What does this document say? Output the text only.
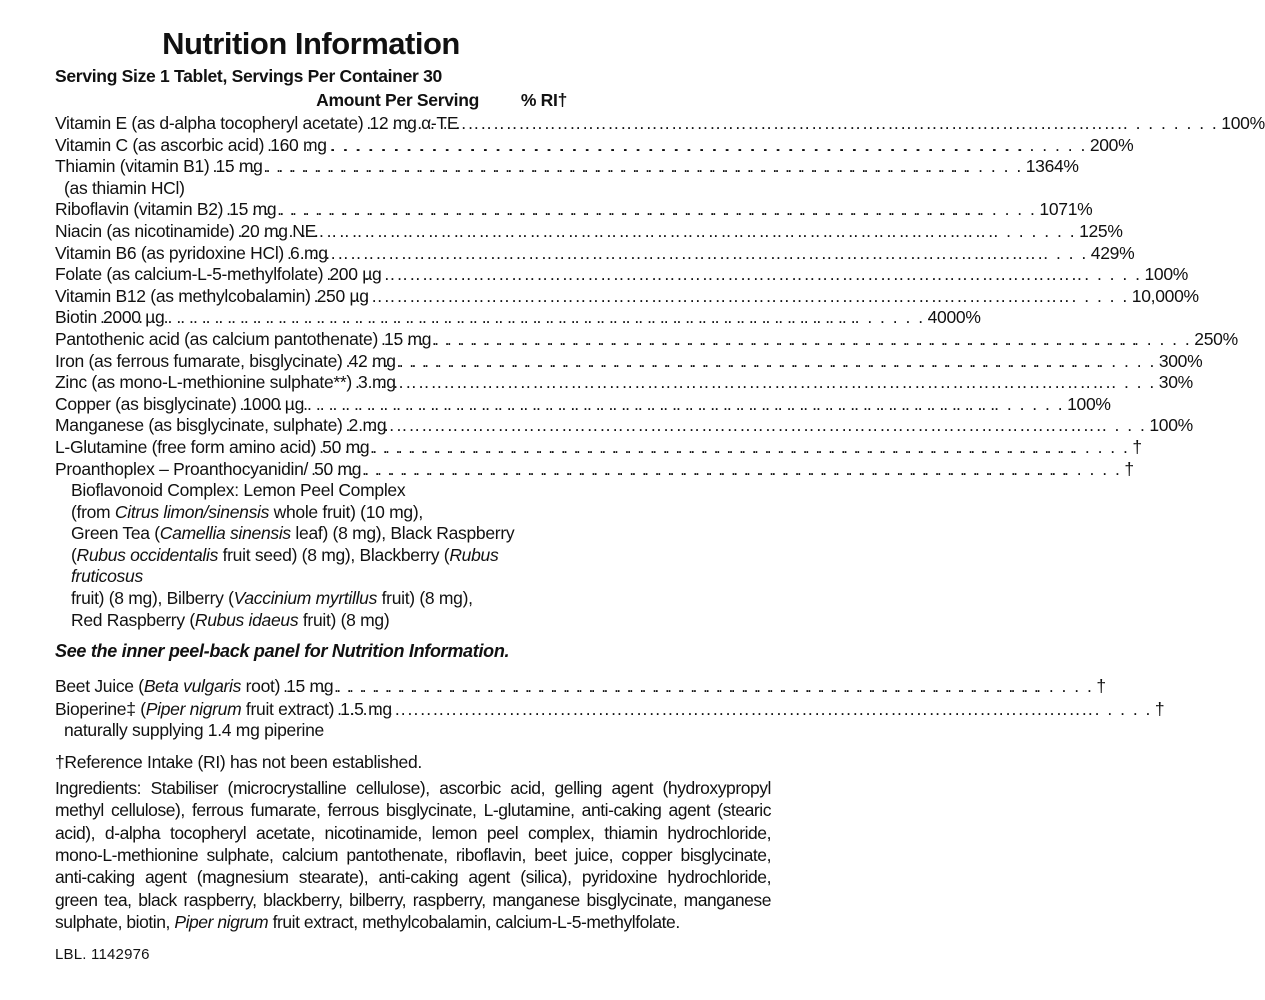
Nutrition Information
Serving Size 1 Tablet, Servings Per Container 30
Amount Per Serving	% RI†
Vitamin E (as d-alpha tocopheryl acetate) . . . 12 mg α-TE . . .	100%
Vitamin C (as ascorbic acid) . . . 160 mg . . .	200%
Thiamin (vitamin B1) . . . 15 mg . . .	1364%
(as thiamin HCl)
Riboflavin (vitamin B2) . . . 15 mg . . .	1071%
Niacin (as nicotinamide) . . . 20 mg NE . . .	125%
Vitamin B6 (as pyridoxine HCl) . . . 6 mg . . .	429%
Folate (as calcium-L-5-methylfolate) . . . 200 µg . . .	100%
Vitamin B12 (as methylcobalamin) . . . 250 µg . . .	10,000%
Biotin . . . 2000 µg . . .	4000%
Pantothenic acid (as calcium pantothenate) . . . 15 mg . . .	250%
Iron (as ferrous fumarate, bisglycinate) . . . 42 mg . . .	300%
Zinc (as mono-L-methionine sulphate**) . . . 3 mg . . .	30%
Copper (as bisglycinate) . . . 1000 µg . . .	100%
Manganese (as bisglycinate, sulphate) . . . 2 mg . . .	100%
L-Glutamine (free form amino acid) . . . 50 mg . . .	†
Proanthoplex – Proanthocyanidin/ . . . 50 mg . . .	†
Bioflavonoid Complex: Lemon Peel Complex
(from Citrus limon/sinensis whole fruit) (10 mg),
Green Tea (Camellia sinensis leaf) (8 mg), Black Raspberry
(Rubus occidentalis fruit seed) (8 mg), Blackberry (Rubus fruticosus
fruit) (8 mg), Bilberry (Vaccinium myrtillus fruit) (8 mg),
Red Raspberry (Rubus idaeus fruit) (8 mg)
See the inner peel-back panel for Nutrition Information.
Beet Juice (Beta vulgaris root) . . . 15 mg . . .	†
Bioperine‡ (Piper nigrum fruit extract) . . . 1.5 mg . . .	†
naturally supplying 1.4 mg piperine
†Reference Intake (RI) has not been established.

Ingredients: Stabiliser (microcrystalline cellulose), ascorbic acid, gelling agent (hydroxypropyl methyl cellulose), ferrous fumarate, ferrous bisglycinate, L-glutamine, anti-caking agent (stearic acid), d-alpha tocopheryl acetate, nicotinamide, lemon peel complex, thiamin hydrochloride, mono-L-methionine sulphate, calcium pantothenate, riboflavin, beet juice, copper bisglycinate, anti-caking agent (magnesium stearate), anti-caking agent (silica), pyridoxine hydrochloride, green tea, black raspberry, blackberry, bilberry, raspberry, manganese bisglycinate, manganese sulphate, biotin, Piper nigrum fruit extract, methylcobalamin, calcium-L-5-methylfolate.

LBL. 1142976
